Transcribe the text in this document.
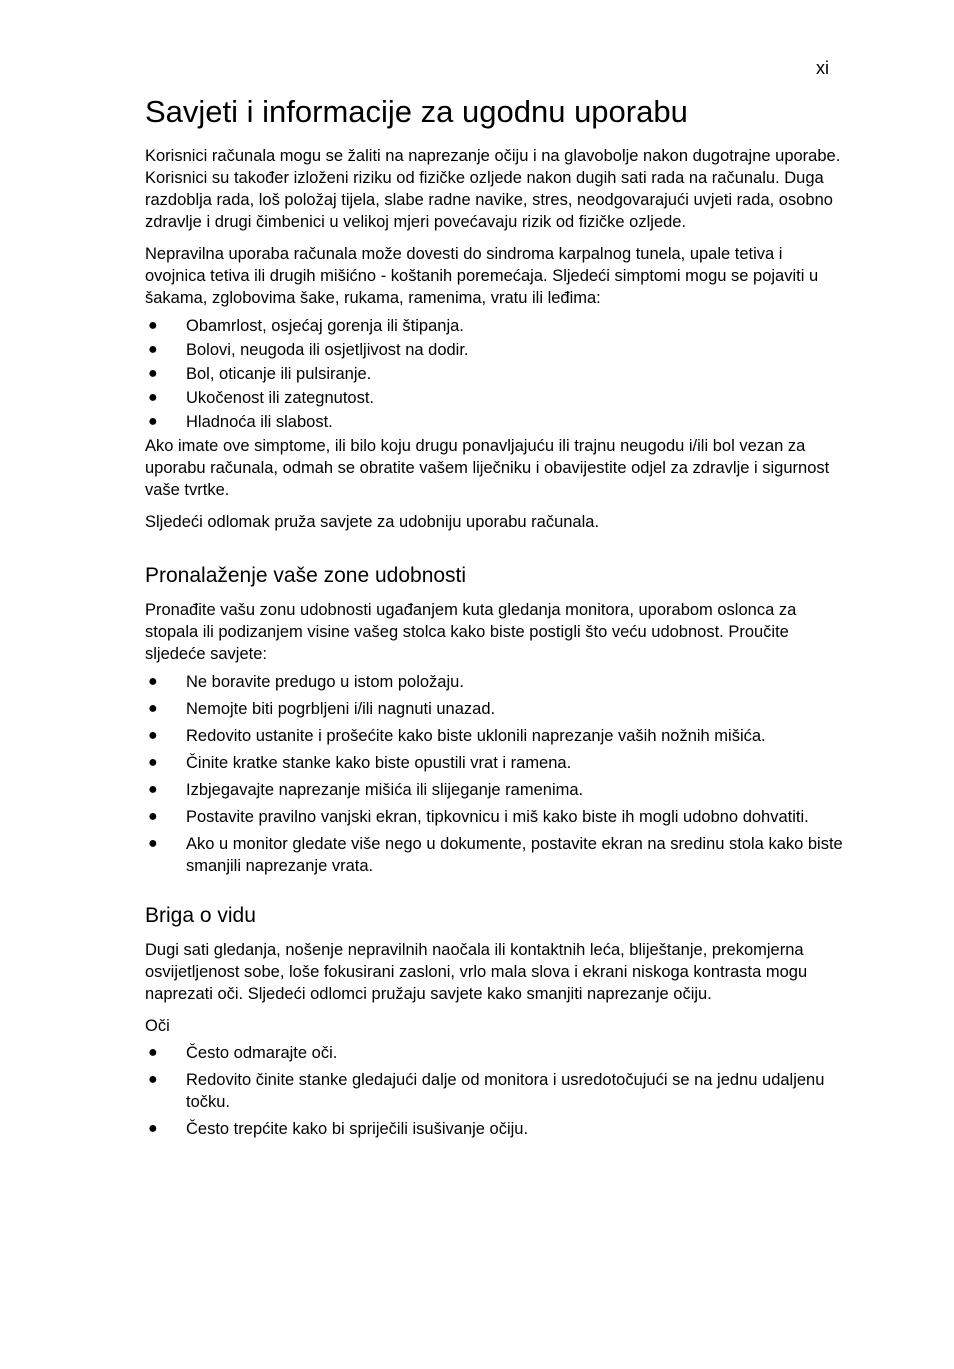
xi
Savjeti i informacije za ugodnu uporabu

Korisnici računala mogu se žaliti na naprezanje očiju i na glavobolje nakon dugotrajne uporabe. Korisnici su također izloženi riziku od fizičke ozljede nakon dugih sati rada na računalu. Duga razdoblja rada, loš položaj tijela, slabe radne navike, stres, neodgovarajući uvjeti rada, osobno zdravlje i drugi čimbenici u velikoj mjeri povećavaju rizik od fizičke ozljede.

Nepravilna uporaba računala može dovesti do sindroma karpalnog tunela, upale tetiva i ovojnica tetiva ili drugih mišićno - koštanih poremećaja. Sljedeći simptomi mogu se pojaviti u šakama, zglobovima šake, rukama, ramenima, vratu ili leđima:

● Obamrlost, osjećaj gorenja ili štipanja.
● Bolovi, neugoda ili osjetljivost na dodir.
● Bol, oticanje ili pulsiranje.
● Ukočenost ili zategnutost.
● Hladnoća ili slabost.

Ako imate ove simptome, ili bilo koju drugu ponavljajuću ili trajnu neugodu i/ili bol vezan za uporabu računala, odmah se obratite vašem liječniku i obavijestite odjel za zdravlje i sigurnost vaše tvrtke.

Sljedeći odlomak pruža savjete za udobniju uporabu računala.

Pronalaženje vaše zone udobnosti

Pronađite vašu zonu udobnosti ugađanjem kuta gledanja monitora, uporabom oslonca za stopala ili podizanjem visine vašeg stolca kako biste postigli što veću udobnost. Proučite sljedeće savjete:

● Ne boravite predugo u istom položaju.
● Nemojte biti pogrbljeni i/ili nagnuti unazad.
● Redovito ustanite i prošećite kako biste uklonili naprezanje vaših nožnih mišića.
● Činite kratke stanke kako biste opustili vrat i ramena.
● Izbjegavajte naprezanje mišića ili slijeganje ramenima.
● Postavite pravilno vanjski ekran, tipkovnicu i miš kako biste ih mogli udobno dohvatiti.
● Ako u monitor gledate više nego u dokumente, postavite ekran na sredinu stola kako biste smanjili naprezanje vrata.
Briga o vidu

Dugi sati gledanja, nošenje nepravilnih naočala ili kontaktnih leća, bliještanje, prekomjerna osvijetljenost sobe, loše fokusirani zasloni, vrlo mala slova i ekrani niskoga kontrasta mogu naprezati oči. Sljedeći odlomci pružaju savjete kako smanjiti naprezanje očiju.

Oči

● Često odmarajte oči.
● Redovito činite stanke gledajući dalje od monitora i usredotočujući se na jednu udaljenu točku.
● Često trepćite kako bi spriječili isušivanje očiju.
